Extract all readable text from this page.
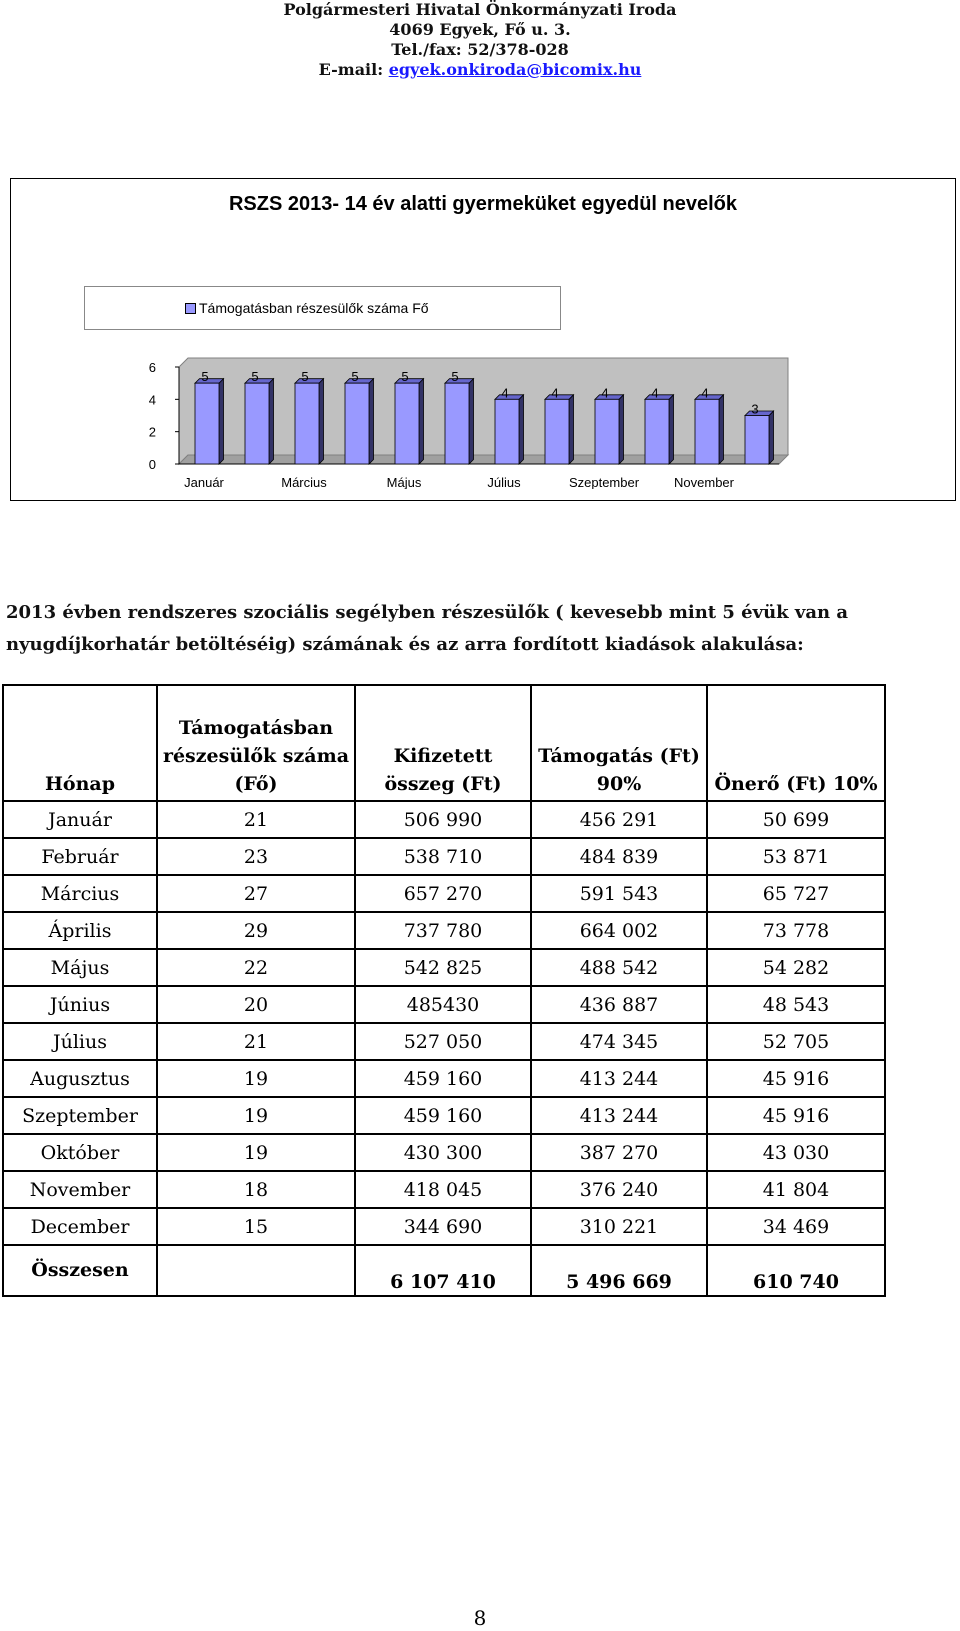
Polgármesteri Hivatal Önkormányzati Iroda
4069 Egyek, Fő u. 3.
Tel./fax: 52/378-028
E-mail: egyek.onkiroda@bicomix.hu
RSZS 2013- 14 év alatti gyermeküket egyedül nevelők
Támogatásban részesülők száma Fő
0
2
4
6
5	5	5	5	5	5
4	4	4	4	4
3
Január	Március	Május	Július	Szeptember	November
2013 évben rendszeres szociális segélyben részesülők ( kevesebb mint 5 évük van a nyugdíjkorhatár betöltéséig) számának és az arra fordított kiadások alakulása:
Hónap	Támogatásban részesülők száma (Fő)	Kifizetett összeg (Ft)	Támogatás (Ft) 90%	Önerő (Ft) 10%
Január	21	506 990	456 291	50 699
Február	23	538 710	484 839	53 871
Március	27	657 270	591 543	65 727
Április	29	737 780	664 002	73 778
Május	22	542 825	488 542	54 282
Június	20	485430	436 887	48 543
Július	21	527 050	474 345	52 705
Augusztus	19	459 160	413 244	45 916
Szeptember	19	459 160	413 244	45 916
Október	19	430 300	387 270	43 030
November	18	418 045	376 240	41 804
December	15	344 690	310 221	34 469
Összesen		6 107 410	5 496 669	610 740
8
